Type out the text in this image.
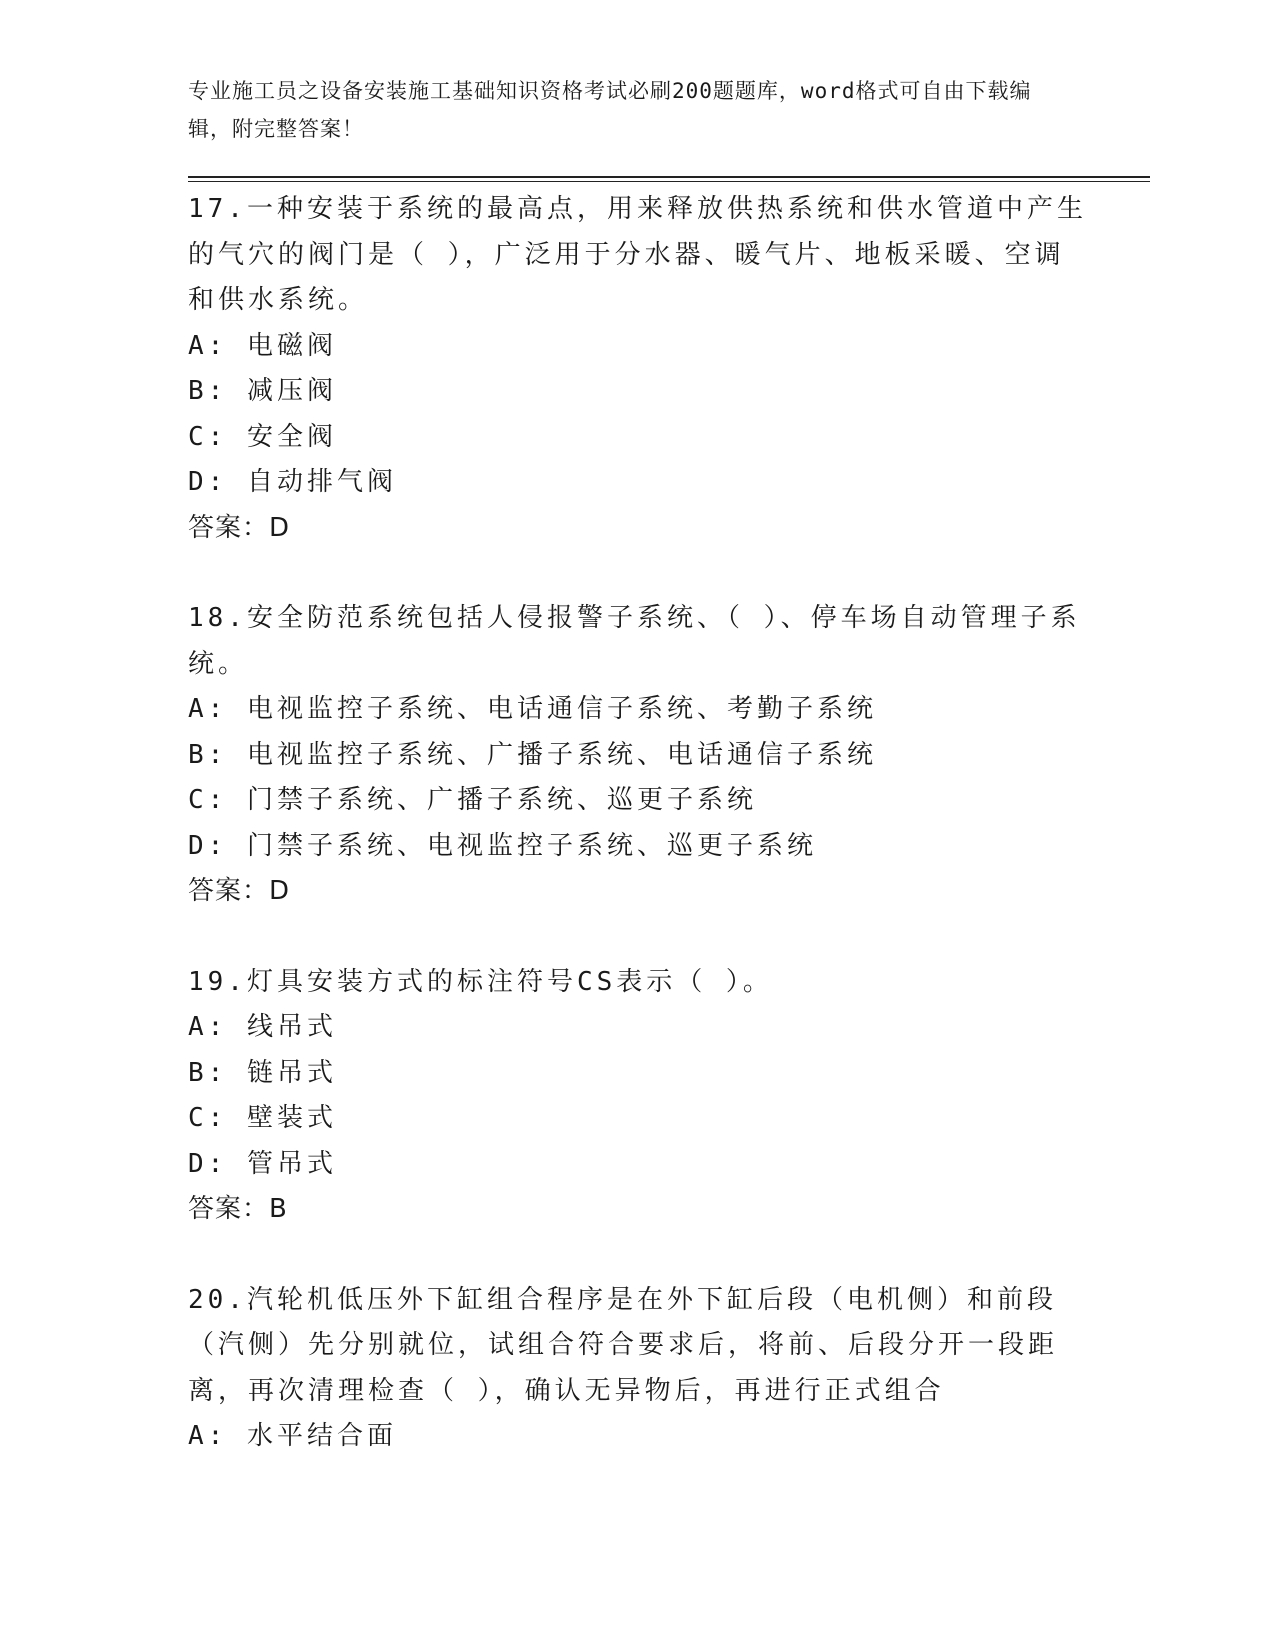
专业施工员之设备安装施工基础知识资格考试必刷200题题库，word格式可自由下载编辑，附完整答案！

17.一种安装于系统的最高点，用来释放供热系统和供水管道中产生的气穴的阀门是（ ），广泛用于分水器、暖气片、地板采暖、空调和供水系统。

A: 电磁阀

B: 减压阀

C: 安全阀

D: 自动排气阀

答案：D

18.安全防范系统包括人侵报警子系统、（ ）、停车场自动管理子系统。

A: 电视监控子系统、电话通信子系统、考勤子系统

B: 电视监控子系统、广播子系统、电话通信子系统

C: 门禁子系统、广播子系统、巡更子系统

D: 门禁子系统、电视监控子系统、巡更子系统

答案：D

19.灯具安装方式的标注符号CS表示（ ）。

A: 线吊式

B: 链吊式

C: 壁装式

D: 管吊式

答案：B

20.汽轮机低压外下缸组合程序是在外下缸后段（电机侧）和前段（汽侧）先分别就位，试组合符合要求后，将前、后段分开一段距离，再次清理检查（ ），确认无异物后，再进行正式组合

A: 水平结合面
